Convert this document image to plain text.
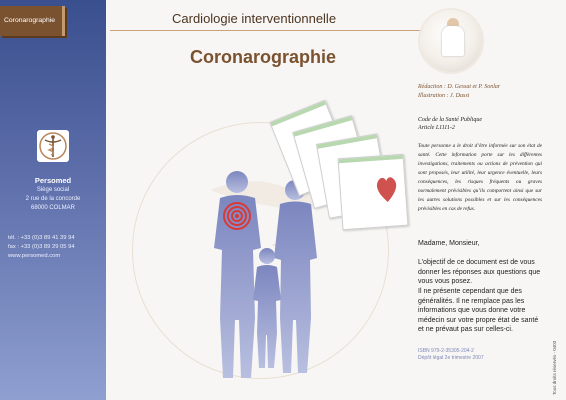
Coronarographie
Persomed
Siège social
2 rue de la concorde
68000 COLMAR
tél. : +33 (0)3 89 41 39 94
fax : +33 (0)3 89 29 05 94
www.persomed.com
Cardiologie interventionnelle
Coronarographie
Rédaction : D. Gessat et P. Sonlar
Illustration : J. Dassi
Code de la Santé Publique
Article L1111-2
Toute personne a le droit d’être informée sur son état de santé. Cette information porte sur les différentes investigations, traitements ou actions de prévention qui sont proposés, leur utilité, leur urgence éventuelle, leurs conséquences, les risques fréquents ou graves normalement prévisibles qu’ils comportent ainsi que sur les autres solutions possibles et sur les conséquences prévisibles en cas de refus.
Madame, Monsieur,
L’objectif de ce document est de vous donner les réponses aux questions que vous vous posez.
Il ne présente cependant que des généralités. Il ne remplace pas les informations que vous donne votre médecin sur votre propre état de santé et ne prévaut pas sur celles-ci.
ISBN 979-2-35305-204-2
Dépôt légal 2e trimestre 2007	Tous droits réservés - 0403
